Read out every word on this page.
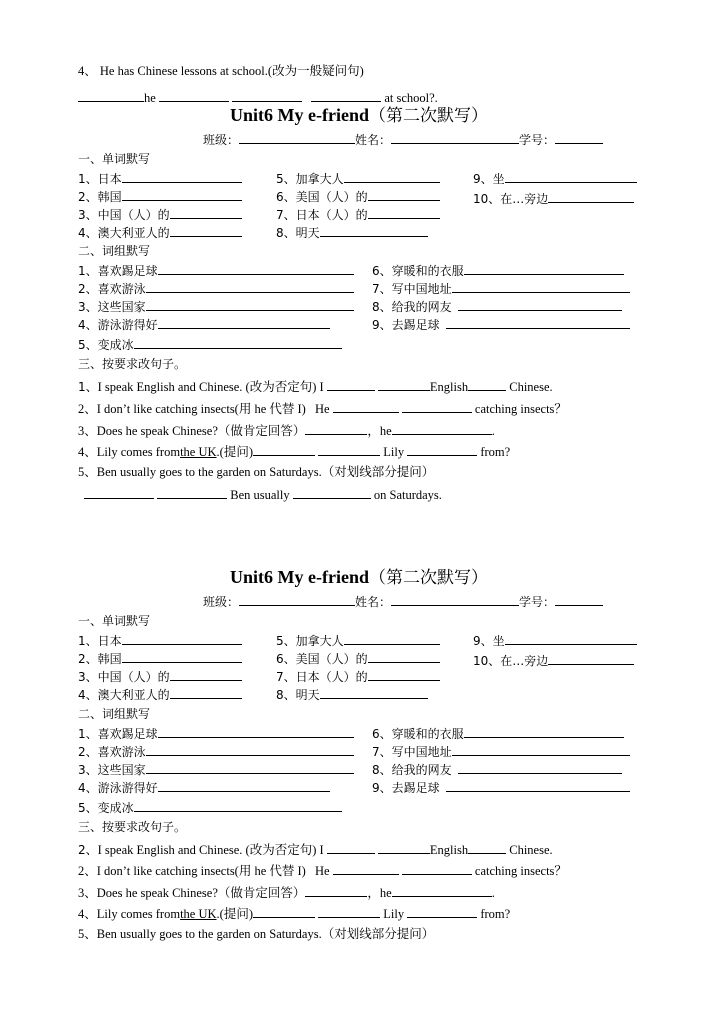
4、 He has Chinese lessons at school.(改为一般疑问句)
he	at school?.
Unit6 My e-friend（第二次默写）
班级：	姓名：	学号：
一、单词默写
1、日本	5、加拿大人	9、坐
2、韩国	6、美国（人）的	10、在…旁边
3、中国（人）的	7、日本（人）的
4、澳大利亚人的	8、明天
二、词组默写
1、喜欢踢足球	6、穿暖和的衣服
2、喜欢游泳	7、写中国地址
3、这些国家	8、给我的网友
4、游泳游得好	9、去踢足球
5、变成冰
三、按要求改句子。
1、I speak English and Chinese. (改为否定句) I	English	Chinese.
2、I don’t like catching insects(用 he 代替 I) He	catching insects？
3、Does he speak Chinese?（做肯定回答）	，he	.
4、Lily comes fromthe UK.(提问)	Lily	from?
5、Ben usually goes to the garden on Saturdays.（对划线部分提问）
Ben usually	on Saturdays.
Unit6 My e-friend（第二次默写）
班级：	姓名：	学号：
一、单词默写
1、日本	5、加拿大人	9、坐
2、韩国	6、美国（人）的	10、在…旁边
3、中国（人）的	7、日本（人）的
4、澳大利亚人的	8、明天
二、词组默写
1、喜欢踢足球	6、穿暖和的衣服
2、喜欢游泳	7、写中国地址
3、这些国家	8、给我的网友
4、游泳游得好	9、去踢足球
5、变成冰
三、按要求改句子。
2、I speak English and Chinese. (改为否定句) I	English	Chinese.
2、I don’t like catching insects(用 he 代替 I) He	catching insects？
3、Does he speak Chinese?（做肯定回答）	，he	.
4、Lily comes fromthe UK.(提问)	Lily	from?
5、Ben usually goes to the garden on Saturdays.（对划线部分提问）
